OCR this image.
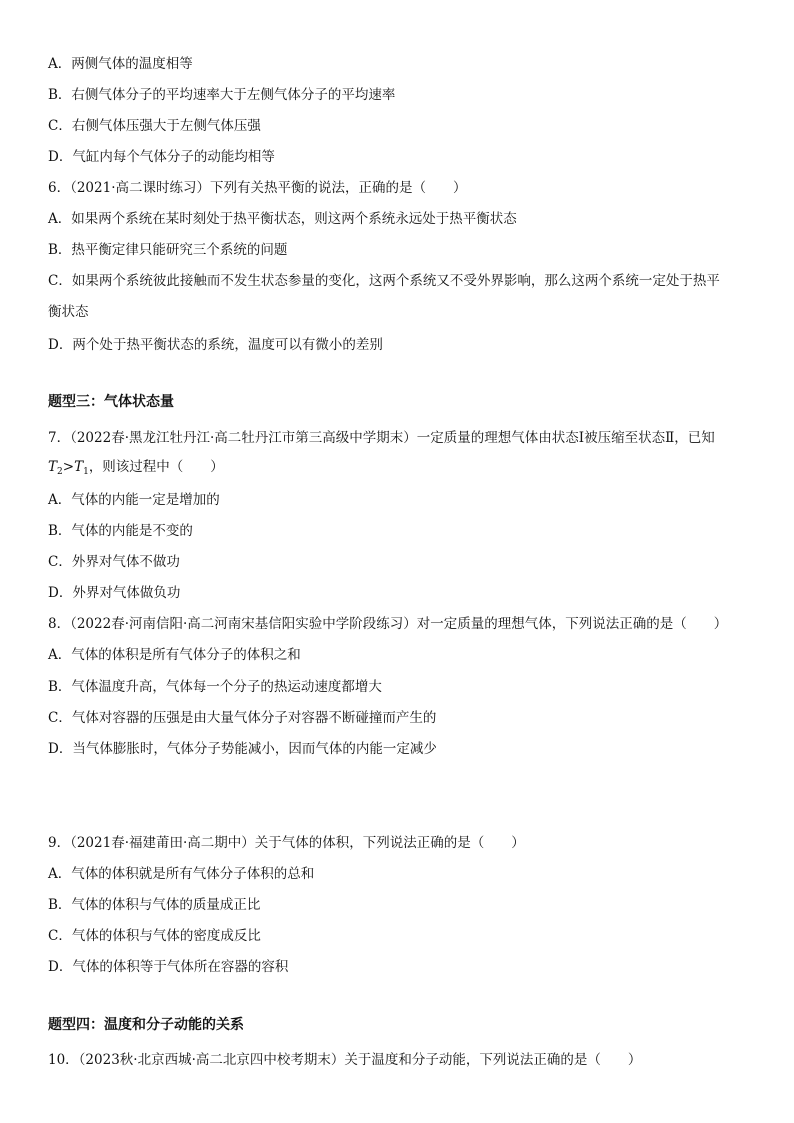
A．两侧气体的温度相等
B．右侧气体分子的平均速率大于左侧气体分子的平均速率
C．右侧气体压强大于左侧气体压强
D．气缸内每个气体分子的动能均相等
6．（2021·高二课时练习）下列有关热平衡的说法，正确的是（　　）
A．如果两个系统在某时刻处于热平衡状态，则这两个系统永远处于热平衡状态
B．热平衡定律只能研究三个系统的问题
C．如果两个系统彼此接触而不发生状态参量的变化，这两个系统又不受外界影响，那么这两个系统一定处于热平
衡状态
D．两个处于热平衡状态的系统，温度可以有微小的差别
题型三：气体状态量
7．（2022春·黑龙江牡丹江·高二牡丹江市第三高级中学期末）一定质量的理想气体由状态Ⅰ被压缩至状态Ⅱ，已知
$T_2>T_1$，则该过程中（　　）
A．气体的内能一定是增加的
B．气体的内能是不变的
C．外界对气体不做功
D．外界对气体做负功
8．（2022春·河南信阳·高二河南宋基信阳实验中学阶段练习）对一定质量的理想气体，下列说法正确的是（　　）
A．气体的体积是所有气体分子的体积之和
B．气体温度升高，气体每一个分子的热运动速度都增大
C．气体对容器的压强是由大量气体分子对容器不断碰撞而产生的
D．当气体膨胀时，气体分子势能减小，因而气体的内能一定减少
9．（2021春·福建莆田·高二期中）关于气体的体积，下列说法正确的是（　　）
A．气体的体积就是所有气体分子体积的总和
B．气体的体积与气体的质量成正比
C．气体的体积与气体的密度成反比
D．气体的体积等于气体所在容器的容积
题型四：温度和分子动能的关系
10．（2023秋·北京西城·高二北京四中校考期末）关于温度和分子动能，下列说法正确的是（　　）
